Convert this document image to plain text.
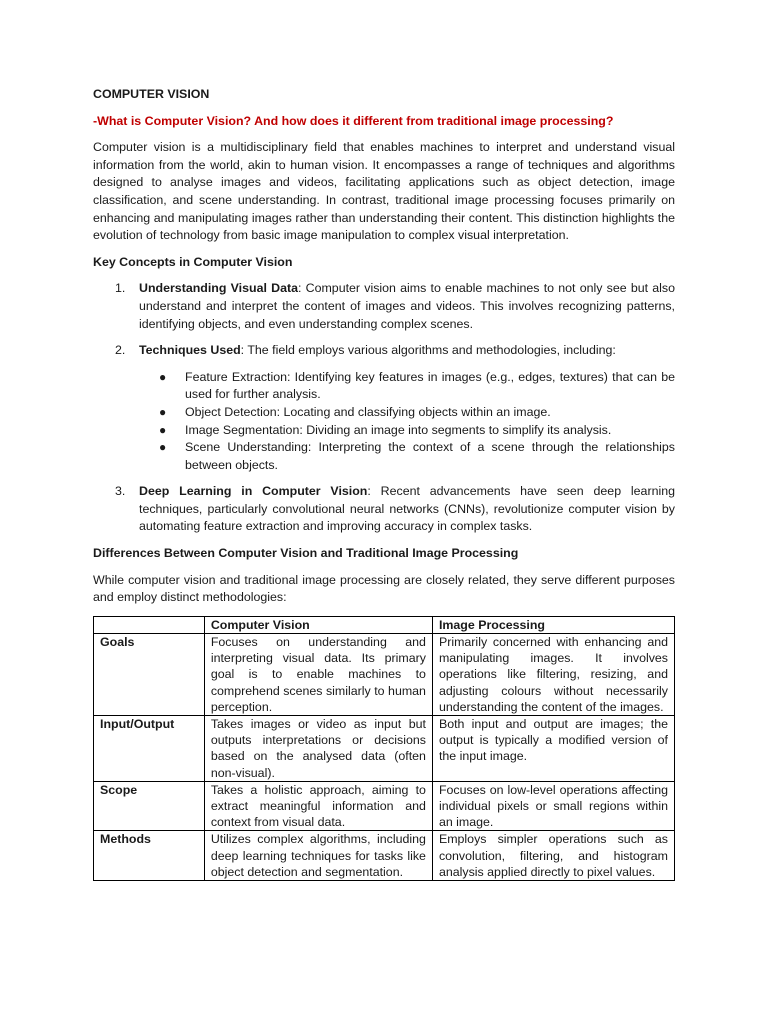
COMPUTER VISION
-What is Computer Vision? And how does it different from traditional image processing?

Computer vision is a multidisciplinary field that enables machines to interpret and understand visual information from the world, akin to human vision. It encompasses a range of techniques and algorithms designed to analyse images and videos, facilitating applications such as object detection, image classification, and scene understanding. In contrast, traditional image processing focuses primarily on enhancing and manipulating images rather than understanding their content. This distinction highlights the evolution of technology from basic image manipulation to complex visual interpretation.

Key Concepts in Computer Vision
1. Understanding Visual Data: Computer vision aims to enable machines to not only see but also understand and interpret the content of images and videos. This involves recognizing patterns, identifying objects, and even understanding complex scenes.
2. Techniques Used: The field employs various algorithms and methodologies, including:
● Feature Extraction: Identifying key features in images (e.g., edges, textures) that can be used for further analysis.
● Object Detection: Locating and classifying objects within an image.
● Image Segmentation: Dividing an image into segments to simplify its analysis.
● Scene Understanding: Interpreting the context of a scene through the relationships between objects.
3. Deep Learning in Computer Vision: Recent advancements have seen deep learning techniques, particularly convolutional neural networks (CNNs), revolutionize computer vision by automating feature extraction and improving accuracy in complex tasks.
Differences Between Computer Vision and Traditional Image Processing

While computer vision and traditional image processing are closely related, they serve different purposes and employ distinct methodologies:

	Computer Vision	Image Processing
Goals	Focuses on understanding and interpreting visual data. Its primary goal is to enable machines to comprehend scenes similarly to human perception.	Primarily concerned with enhancing and manipulating images. It involves operations like filtering, resizing, and adjusting colours without necessarily understanding the content of the images.
Input/Output	Takes images or video as input but outputs interpretations or decisions based on the analysed data (often non-visual).	Both input and output are images; the output is typically a modified version of the input image.
Scope	Takes a holistic approach, aiming to extract meaningful information and context from visual data.	Focuses on low-level operations affecting individual pixels or small regions within an image.
Methods	Utilizes complex algorithms, including deep learning techniques for tasks like object detection and segmentation.	Employs simpler operations such as convolution, filtering, and histogram analysis applied directly to pixel values.
